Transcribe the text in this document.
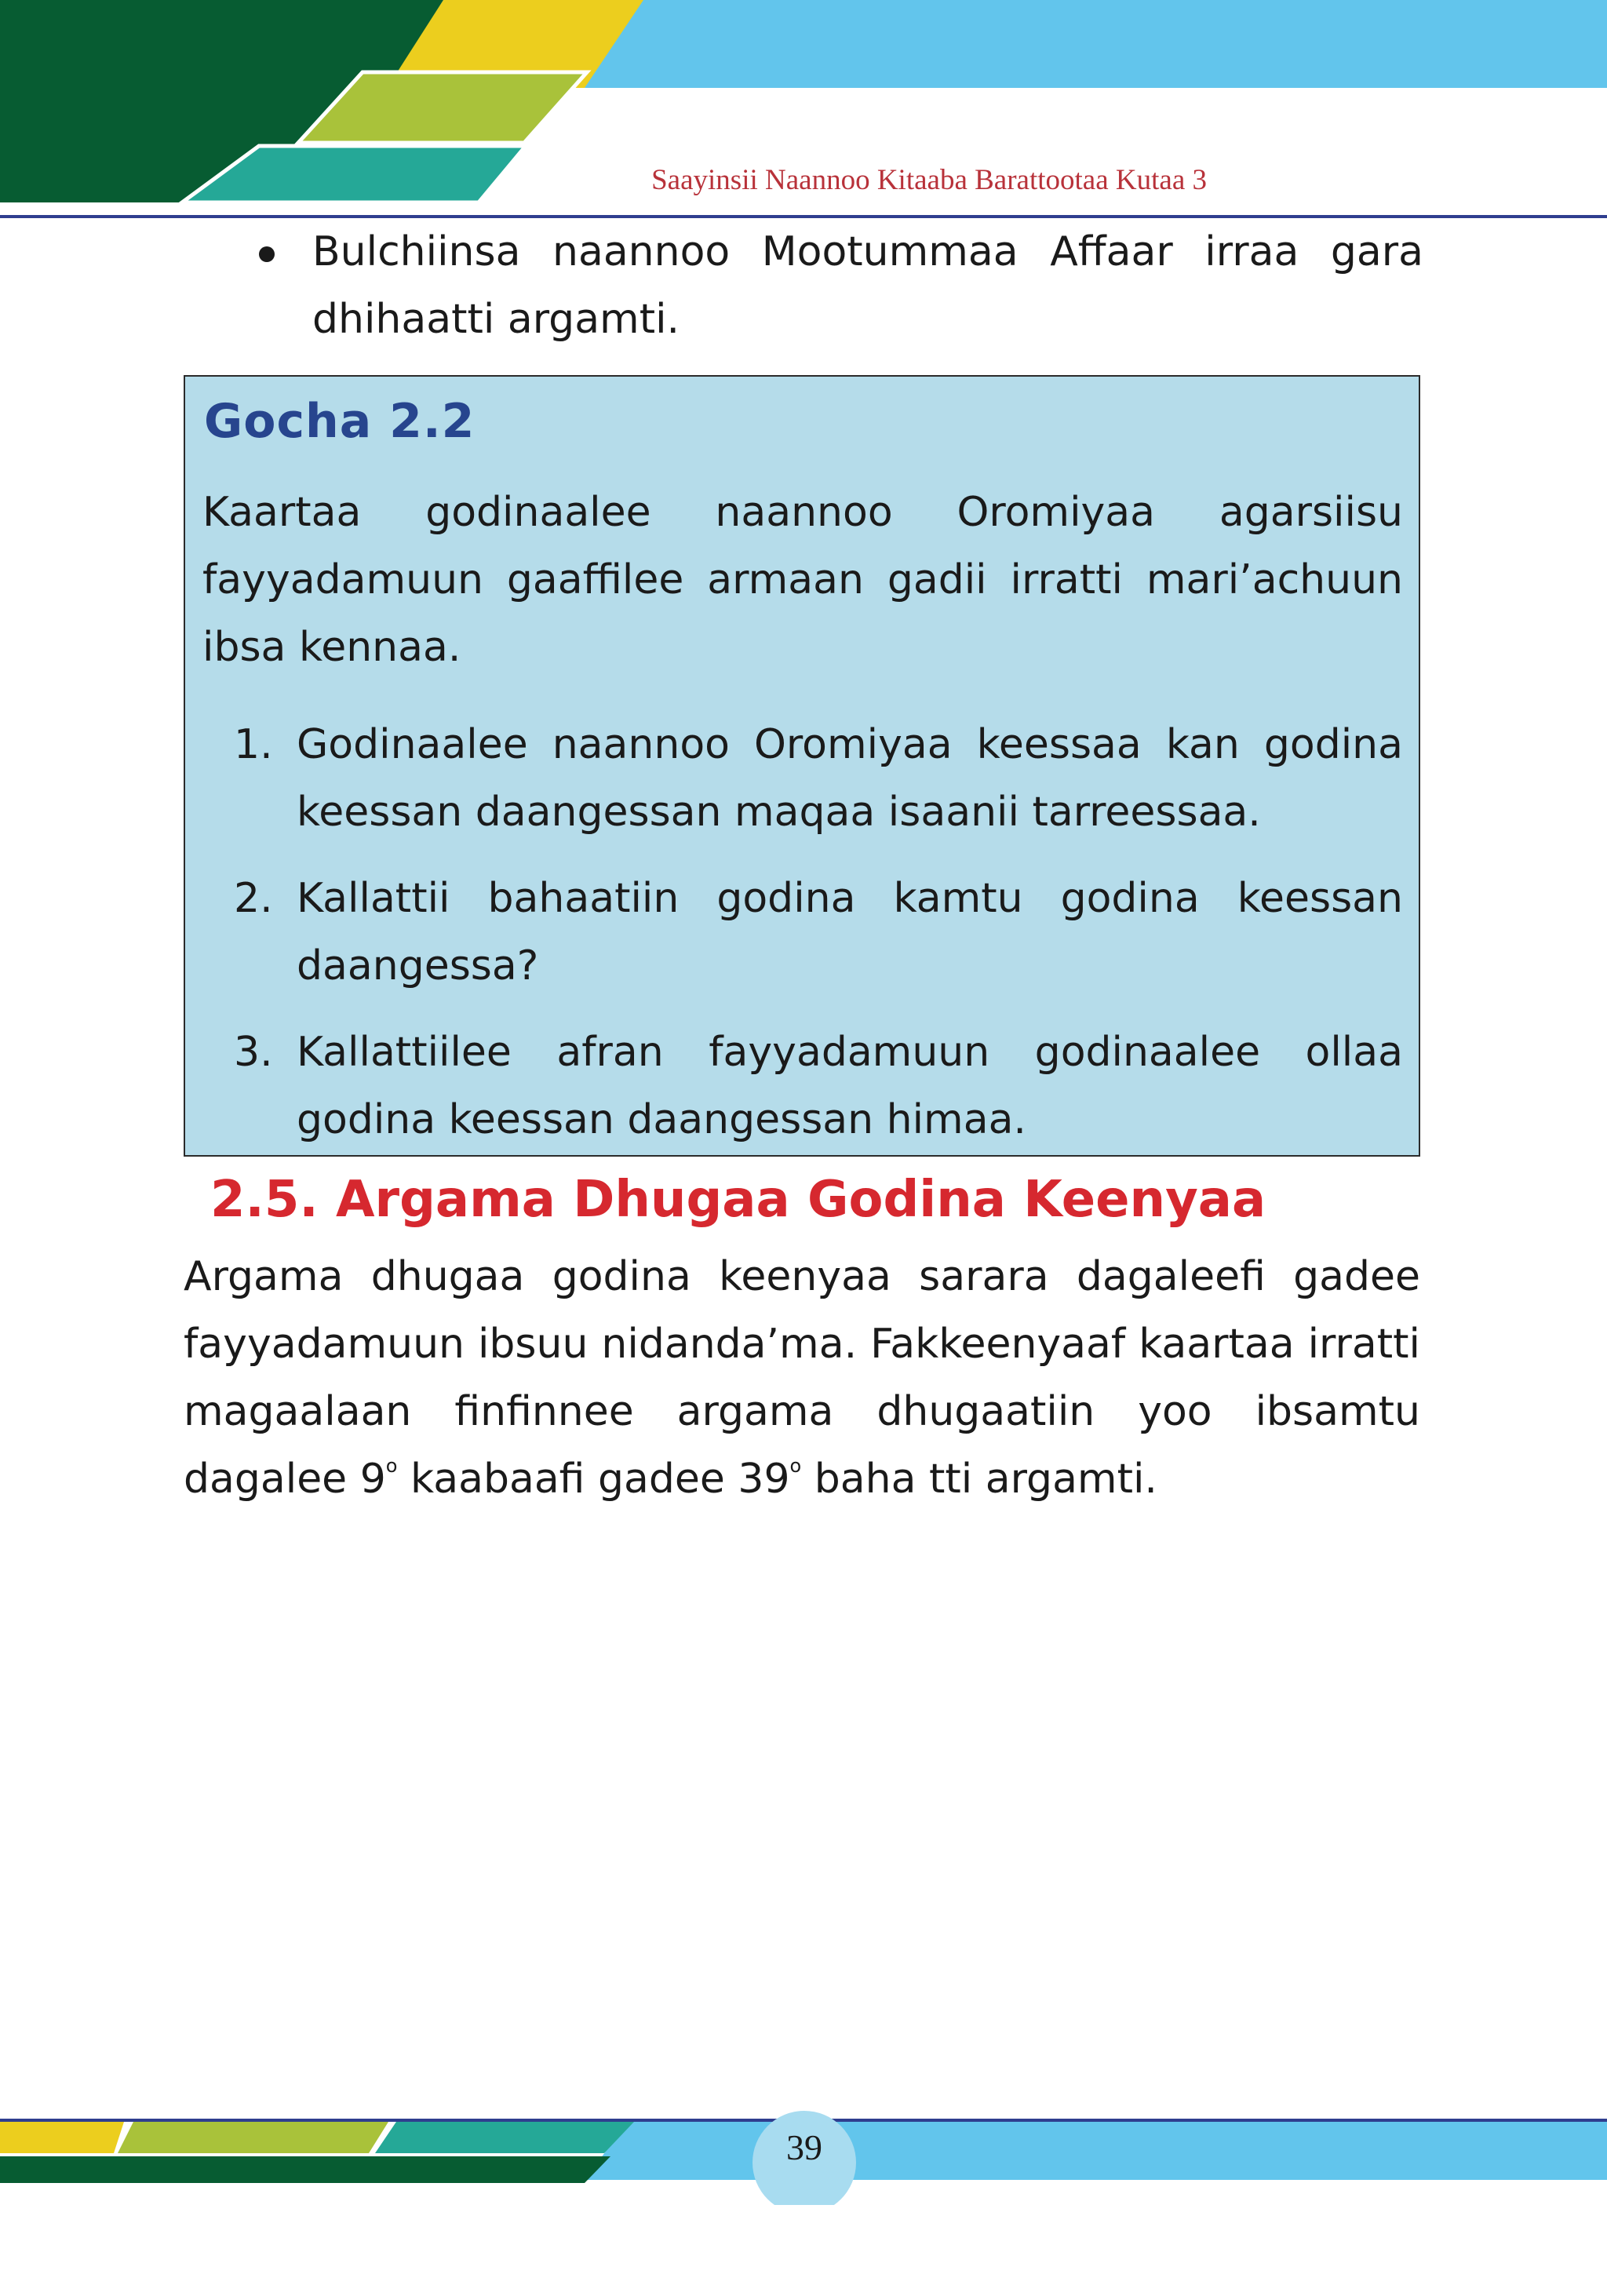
Saayinsii Naannoo Kitaaba Barattootaa Kutaa 3
Bulchiinsa naannoo Mootummaa Affaar irraa gara dhihaatti argamti.
Gocha 2.2
Kaartaa godinaalee naannoo Oromiyaa agarsiisu fayyadamuun gaaffilee armaan gadii irratti mari’achuun ibsa kennaa.
1. Godinaalee naannoo Oromiyaa keessaa kan godina keessan daangessan maqaa isaanii tarreessaa.
2. Kallattii bahaatiin godina kamtu godina keessan daangessa?
3. Kallattiilee afran fayyadamuun godinaalee ollaa godina keessan daangessan himaa.
2.5. Argama Dhugaa Godina Keenyaa

Argama dhugaa godina keenyaa sarara dagaleefi gadee fayyadamuun ibsuu nidanda’ma. Fakkeenyaaf kaartaa irratti magaalaan finfinnee argama dhugaatiin yoo ibsamtu dagalee 9$^o$ kaabaafi gadee 39$^o$ baha tti argamti.

39
